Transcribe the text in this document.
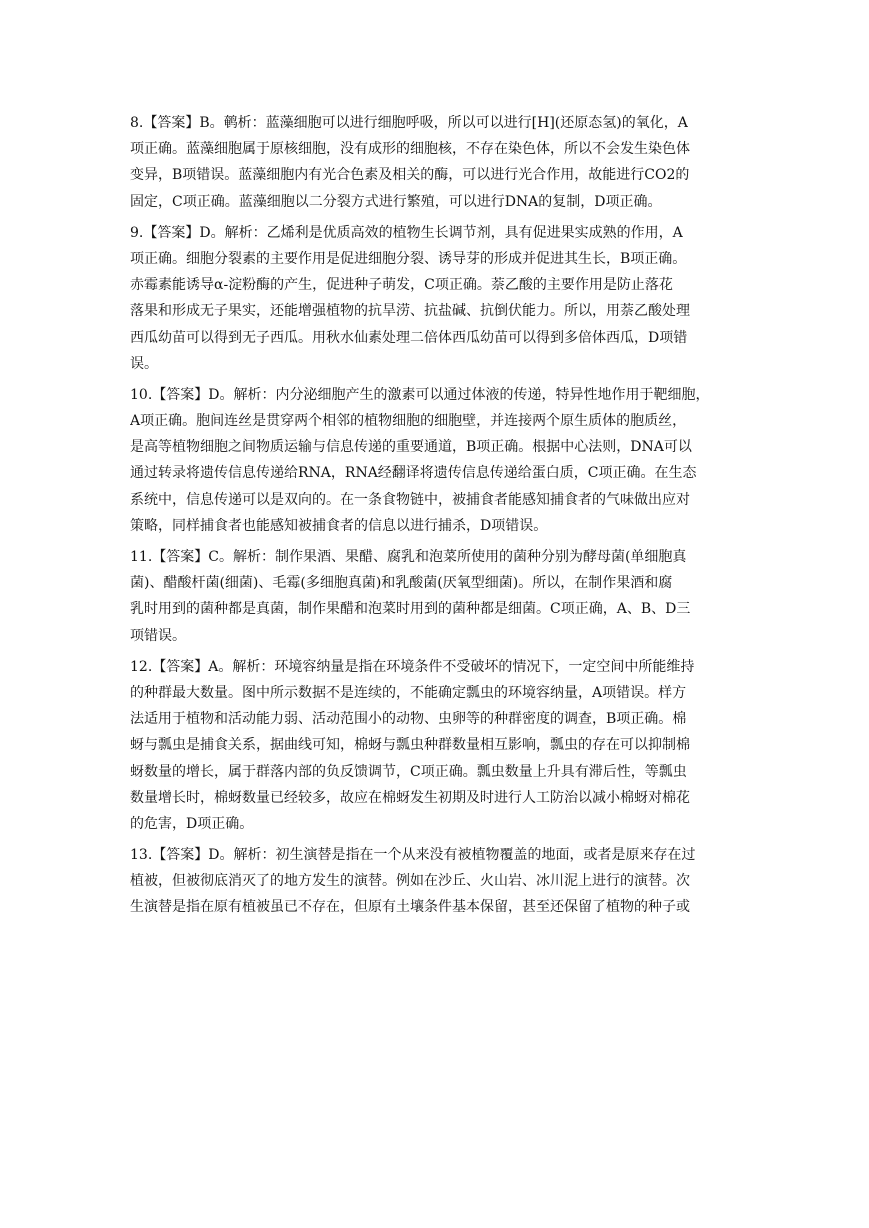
8.【答案】B。鹌析：蓝藻细胞可以进行细胞呼吸，所以可以进行[H](还原态氢)的氧化，A
项正确。蓝藻细胞属于原核细胞，没有成形的细胞核，不存在染色体，所以不会发生染色体
变异，B项错误。蓝藻细胞内有光合色素及相关的酶，可以进行光合作用，故能进行CO2的
固定，C项正确。蓝藻细胞以二分裂方式进行繁殖，可以进行DNA的复制，D项正确。
9.【答案】D。解析：乙烯利是优质高效的植物生长调节剂，具有促进果实成熟的作用，A
项正确。细胞分裂素的主要作用是促进细胞分裂、诱导芽的形成并促进其生长，B项正确。
赤霉素能诱导α-淀粉酶的产生，促进种子萌发，C项正确。萘乙酸的主要作用是防止落花
落果和形成无子果实，还能增强植物的抗旱涝、抗盐碱、抗倒伏能力。所以，用萘乙酸处理
西瓜幼苗可以得到无子西瓜。用秋水仙素处理二倍体西瓜幼苗可以得到多倍体西瓜，D项错
误。
10.【答案】D。解析：内分泌细胞产生的激素可以通过体液的传递，特异性地作用于靶细胞，
A项正确。胞间连丝是贯穿两个相邻的植物细胞的细胞壁，并连接两个原生质体的胞质丝，
是高等植物细胞之间物质运输与信息传递的重要通道，B项正确。根据中心法则，DNA可以
通过转录将遗传信息传递给RNA，RNA经翻译将遗传信息传递给蛋白质，C项正确。在生态
系统中，信息传递可以是双向的。在一条食物链中，被捕食者能感知捕食者的气味做出应对
策略，同样捕食者也能感知被捕食者的信息以进行捕杀，D项错误。
11.【答案】C。解析：制作果酒、果醋、腐乳和泡菜所使用的菌种分别为酵母菌(单细胞真
菌)、醋酸杆菌(细菌)、毛霉(多细胞真菌)和乳酸菌(厌氧型细菌)。所以，在制作果酒和腐
乳时用到的菌种都是真菌，制作果醋和泡菜时用到的菌种都是细菌。C项正确，A、B、D三
项错误。
12.【答案】A。解析：环境容纳量是指在环境条件不受破坏的情况下，一定空间中所能维持
的种群最大数量。图中所示数据不是连续的，不能确定瓢虫的环境容纳量，A项错误。样方
法适用于植物和活动能力弱、活动范围小的动物、虫卵等的种群密度的调查，B项正确。棉
蚜与瓢虫是捕食关系，据曲线可知，棉蚜与瓢虫种群数量相互影响，瓢虫的存在可以抑制棉
蚜数量的增长，属于群落内部的负反馈调节，C项正确。瓢虫数量上升具有滞后性，等瓢虫
数量增长时，棉蚜数量已经较多，故应在棉蚜发生初期及时进行人工防治以减小棉蚜对棉花
的危害，D项正确。
13.【答案】D。解析：初生演替是指在一个从来没有被植物覆盖的地面，或者是原来存在过
植被，但被彻底消灭了的地方发生的演替。例如在沙丘、火山岩、冰川泥上进行的演替。次
生演替是指在原有植被虽已不存在，但原有土壤条件基本保留，甚至还保留了植物的种子或
